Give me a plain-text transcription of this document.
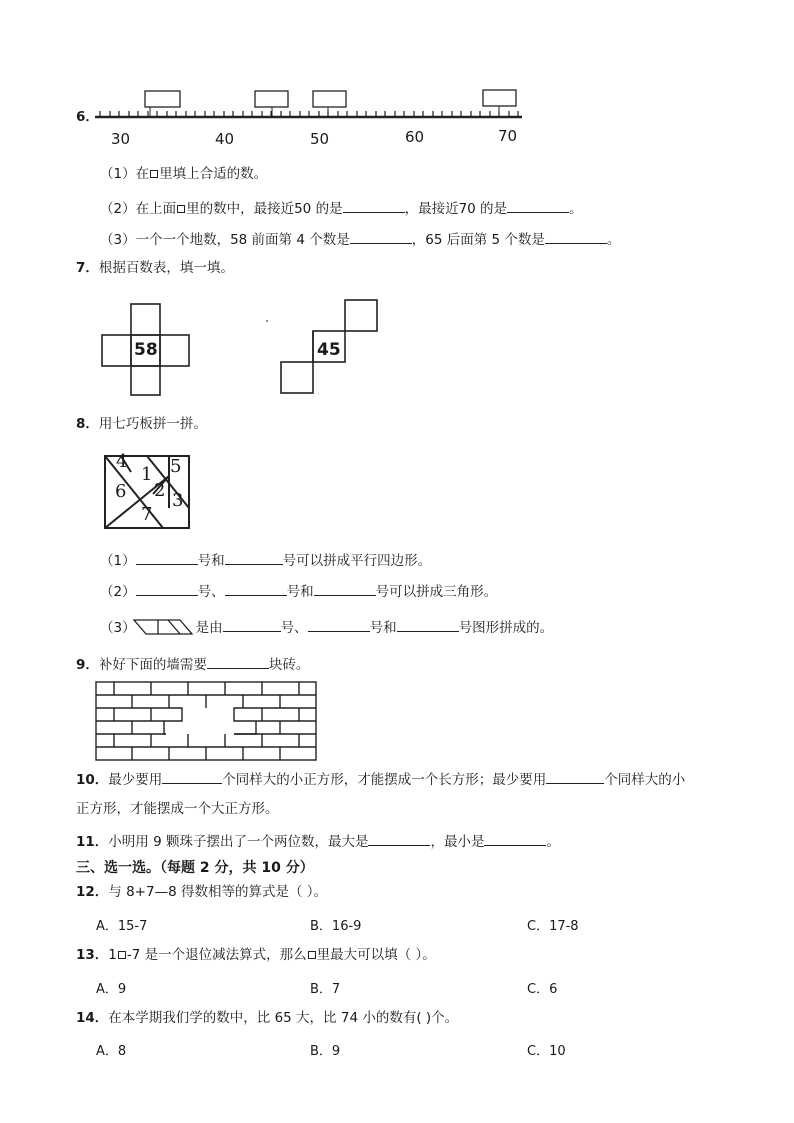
6．
30	40	50	60	70
（1）在 里填上合适的数。
（2）在上面 里的数中，最接近50 的是	，最接近70 的是	。
（3）一个一个地数，58 前面第 4 个数是	，65 后面第 5 个数是	。
7．根据百数表，填一填。
58	45
8．用七巧板拼一拼。
4
1 5
6 2 3
7
（1）	号和	号可以拼成平行四边形。
（2）	号、	号和	号可以拼成三角形。
（3）	是由	号、	号和	号图形拼成的。
9．补好下面的墙需要	块砖。
10．最少要用	个同样大的小正方形，才能摆成一个长方形；最少要用	个同样大的小
正方形，才能摆成一个大正方形。
11．小明用 9 颗珠子摆出了一个两位数，最大是	，最小是	。
三、选一选。（每题 2 分，共 10 分）
12．与 8+7—8 得数相等的算式是（ ）。
A．15-7	B．16-9	C．17-8
13．1 -7 是一个退位减法算式，那么 里最大可以填（ ）。
A．9	B．7	C．6
14．在本学期我们学的数中，比 65 大，比 74 小的数有( )个。
A．8	B．9	C．10
